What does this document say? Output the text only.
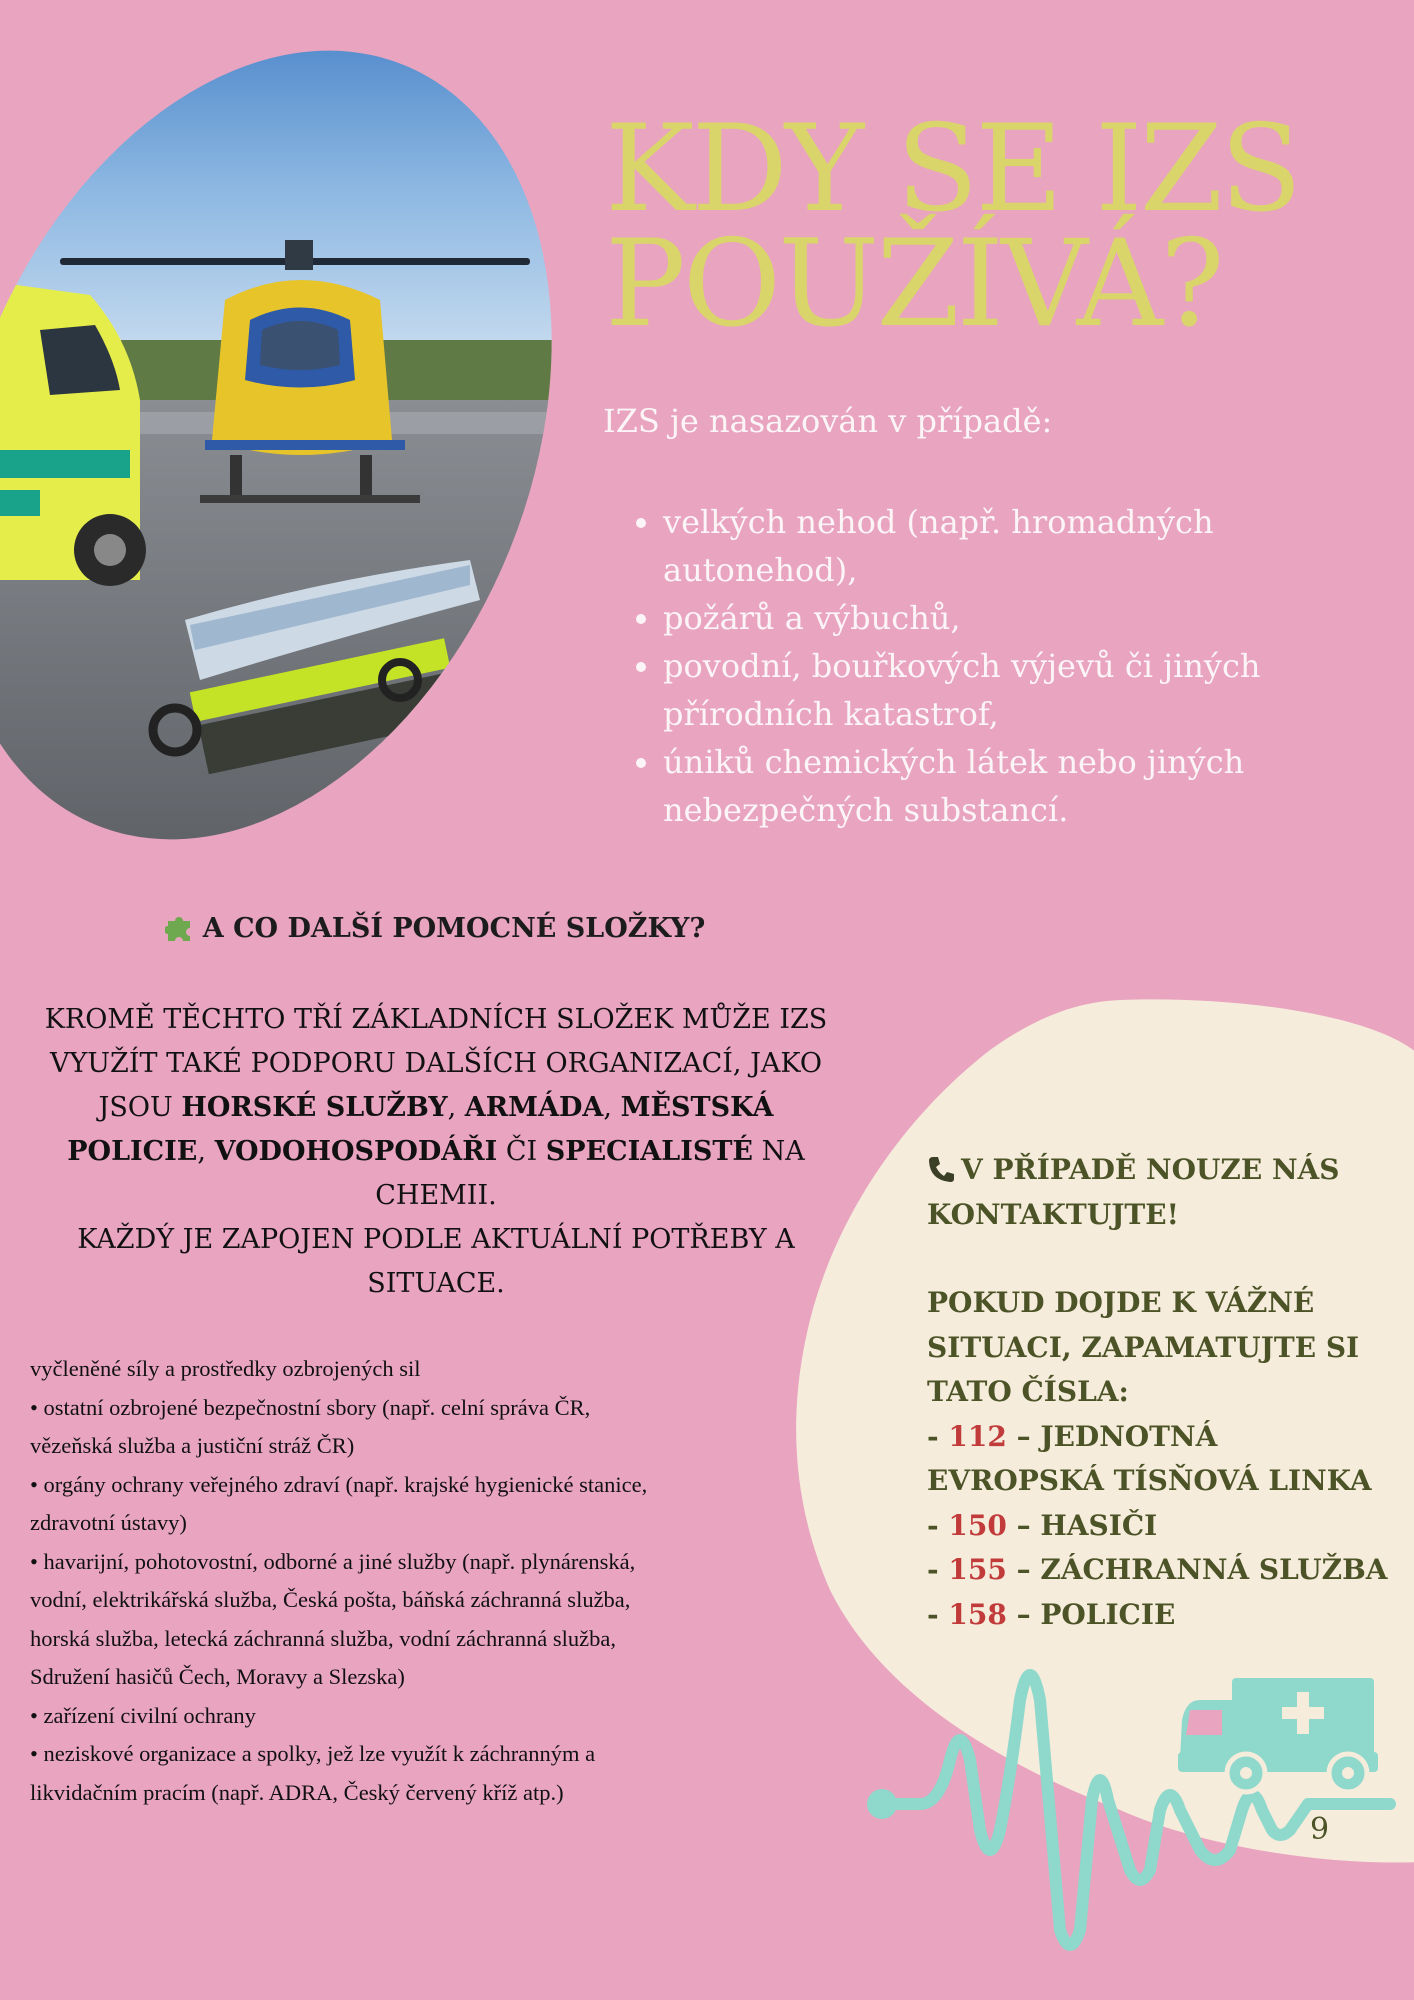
KDY SE IZS
POUŽÍVÁ?

IZS je nasazován v případě:

• velkých nehod (např. hromadných autonehod),
• požárů a výbuchů,
• povodní, bouřkových výjevů či jiných přírodních katastrof,
• úniků chemických látek nebo jiných nebezpečných substancí.

A CO DALŠÍ POMOCNÉ SLOŽKY?

KROMĚ TĚCHTO TŘÍ ZÁKLADNÍCH SLOŽEK MŮŽE IZS VYUŽÍT TAKÉ PODPORU DALŠÍCH ORGANIZACÍ, JAKO JSOU HORSKÉ SLUŽBY, ARMÁDA, MĚSTSKÁ POLICIE, VODOHOSPODÁŘI ČI SPECIALISTÉ NA CHEMII.
KAŽDÝ JE ZAPOJEN PODLE AKTUÁLNÍ POTŘEBY A SITUACE.
vyčleněné síly a prostředky ozbrojených sil
• ostatní ozbrojené bezpečnostní sbory (např. celní správa ČR,
vězeňská služba a justiční stráž ČR)
• orgány ochrany veřejného zdraví (např. krajské hygienické stanice,
zdravotní ústavy)
• havarijní, pohotovostní, odborné a jiné služby (např. plynárenská,
vodní, elektrikářská služba, Česká pošta, báňská záchranná služba,
horská služba, letecká záchranná služba, vodní záchranná služba,
Sdružení hasičů Čech, Moravy a Slezska)
• zařízení civilní ochrany
• neziskové organizace a spolky, jež lze využít k záchranným a
likvidačním pracím (např. ADRA, Český červený kříž atp.)
V PŘÍPADĚ NOUZE NÁS KONTAKTUJTE!
POKUD DOJDE K VÁŽNÉ SITUACI, ZAPAMATUJTE SI TATO ČÍSLA:
- 112 – JEDNOTNÁ EVROPSKÁ TÍSŇOVÁ LINKA
- 150 – HASIČI
- 155 – ZÁCHRANNÁ SLUŽBA
- 158 – POLICIE
9
